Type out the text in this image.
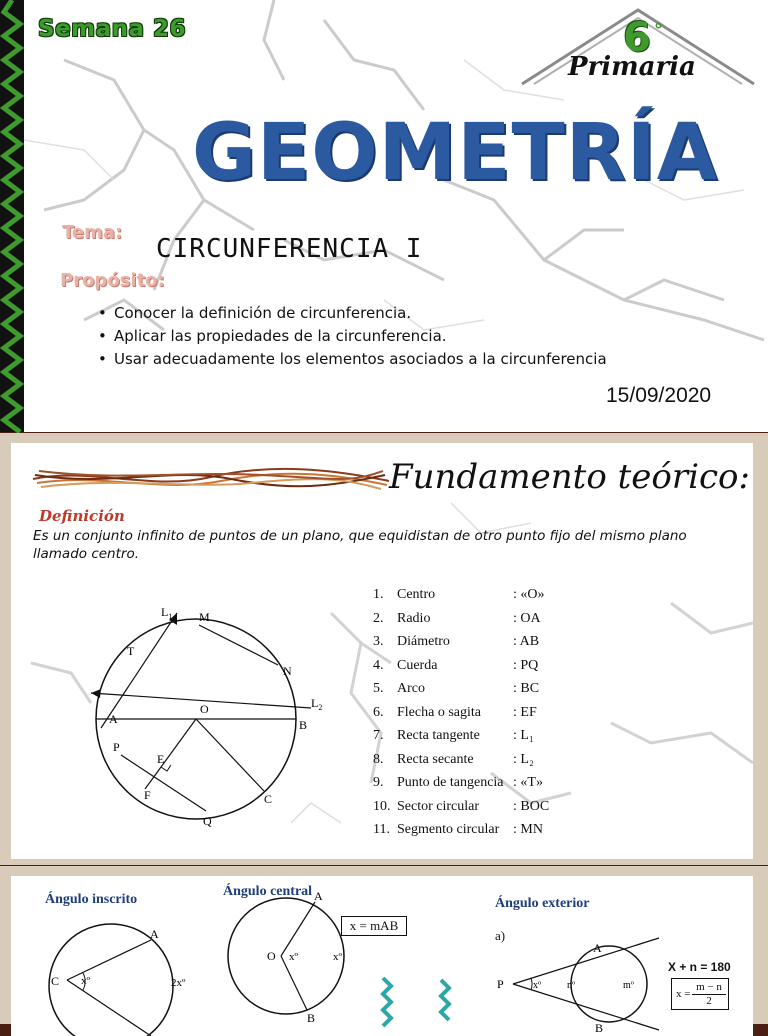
Semana 26	6 °
Primaria
GEOMETRÍA
Tema:
CIRCUNFERENCIA I
Propósito:
• Conocer la definición de circunferencia.
• Aplicar las propiedades de la circunferencia.
• Usar adecuadamente los elementos asociados a la circunferencia
15/09/2020
Fundamento teórico:
Definición
Es un conjunto infinito de puntos de un plano, que equidistan de otro punto fijo del mismo plano llamado centro.
$L_1$ M
T
N
$L_2$
O
A	B
P
E
F	C
Q
1. Centro	: «O»
2. Radio	: OA
3. Diámetro	: AB
4. Cuerda	: PQ
5. Arco	: BC
6. Flecha o sagita : EF
7. Recta tangente : L₁
8. Recta secante	: L₂
9. Punto de tangencia : «T»
10. Sector circular : BOC
11. Segmento circular : MN
Ángulo inscrito
Ángulo central
Ángulo exterior
x = mAB
a)
X + n = 180
$x = \frac{m - n}{2}$
C
A
xº	2xº
O
A
B
xº	xº
P
A
B
xº	nº	mº
